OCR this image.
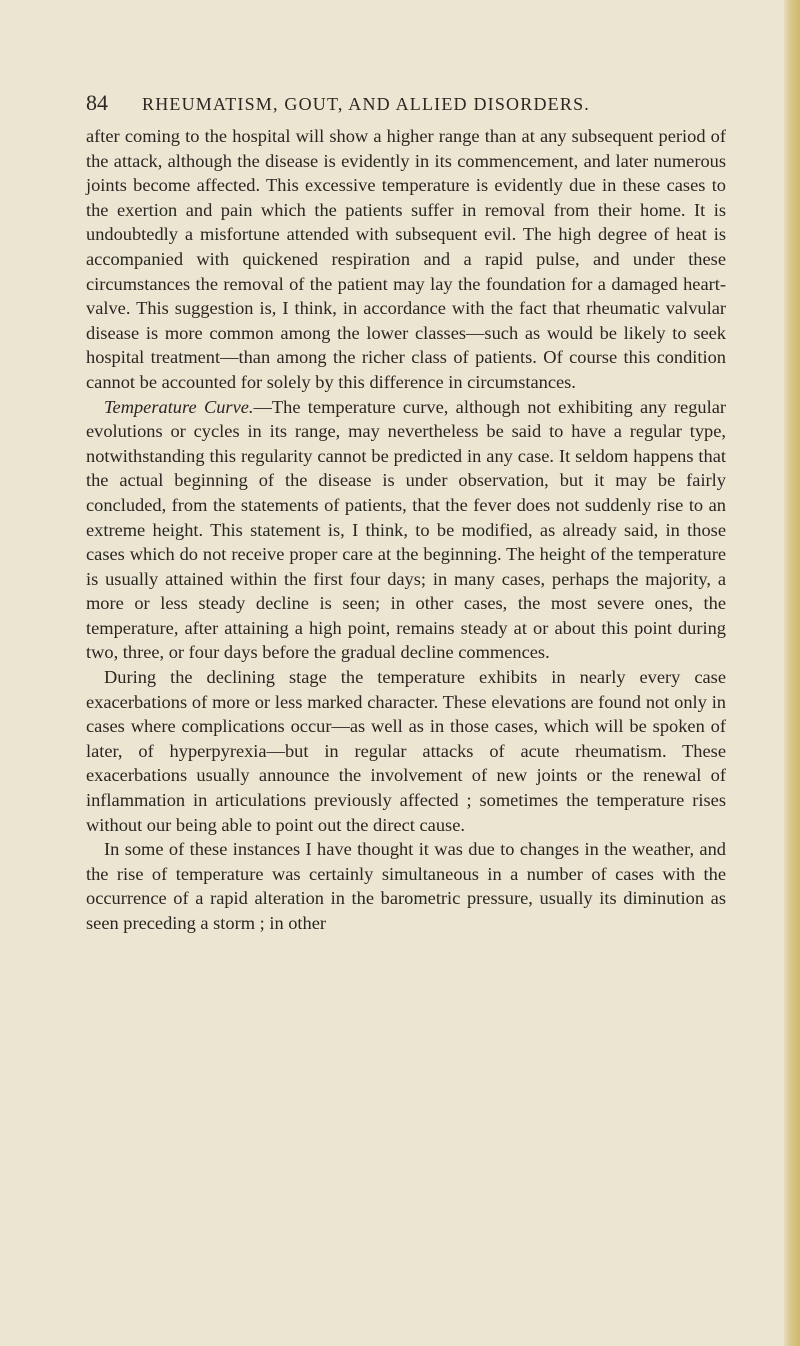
84 RHEUMATISM, GOUT, AND ALLIED DISORDERS.

after coming to the hospital will show a higher range than at any subsequent period of the attack, although the disease is evidently in its commencement, and later numerous joints become affected. This excessive temperature is evidently due in these cases to the exertion and pain which the patients suffer in removal from their home. It is undoubtedly a misfortune attended with subsequent evil. The high degree of heat is accompanied with quickened respiration and a rapid pulse, and under these circumstances the removal of the patient may lay the foundation for a damaged heart-valve. This suggestion is, I think, in accordance with the fact that rheumatic valvular disease is more common among the lower classes—such as would be likely to seek hospital treatment—than among the richer class of patients. Of course this condition cannot be accounted for solely by this difference in circumstances.

Temperature Curve.—The temperature curve, although not exhibiting any regular evolutions or cycles in its range, may nevertheless be said to have a regular type, notwithstanding this regularity cannot be predicted in any case. It seldom happens that the actual beginning of the disease is under observation, but it may be fairly concluded, from the statements of patients, that the fever does not suddenly rise to an extreme height. This statement is, I think, to be modified, as already said, in those cases which do not receive proper care at the beginning. The height of the temperature is usually attained within the first four days; in many cases, perhaps the majority, a more or less steady decline is seen; in other cases, the most severe ones, the temperature, after attaining a high point, remains steady at or about this point during two, three, or four days before the gradual decline commences.

During the declining stage the temperature exhibits in nearly every case exacerbations of more or less marked character. These elevations are found not only in cases where complications occur—as well as in those cases, which will be spoken of later, of hyperpyrexia—but in regular attacks of acute rheumatism. These exacerbations usually announce the involvement of new joints or the renewal of inflammation in articulations previously affected ; sometimes the temperature rises without our being able to point out the direct cause.

In some of these instances I have thought it was due to changes in the weather, and the rise of temperature was certainly simultaneous in a number of cases with the occurrence of a rapid alteration in the barometric pressure, usually its diminution as seen preceding a storm ; in other
